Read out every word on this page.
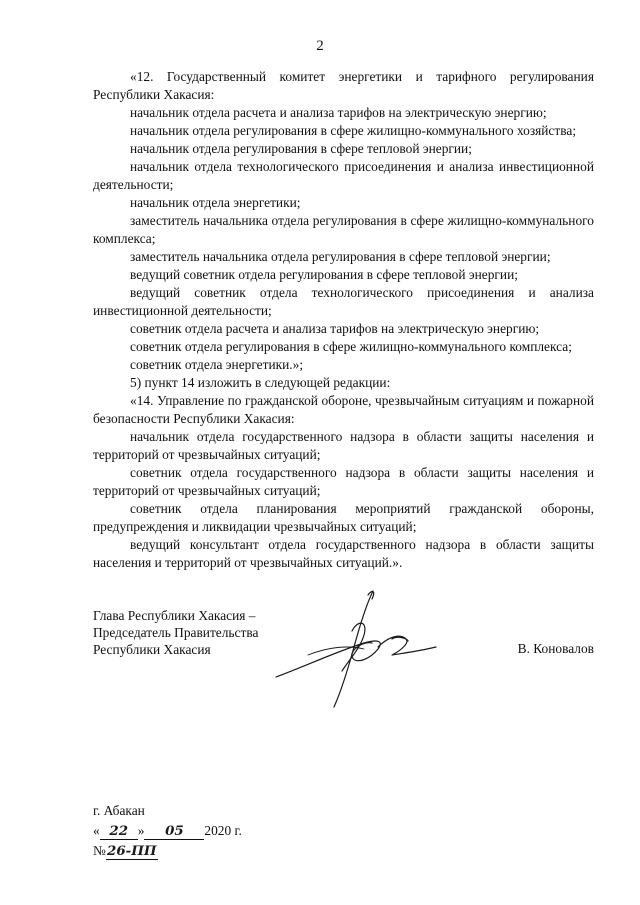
2

«12. Государственный комитет энергетики и тарифного регулирования Республики Хакасия:

начальник отдела расчета и анализа тарифов на электрическую энергию;

начальник отдела регулирования в сфере жилищно-коммунального хозяйства;

начальник отдела регулирования в сфере тепловой энергии;

начальник отдела технологического присоединения и анализа инвестиционной деятельности;

начальник отдела энергетики;

заместитель начальника отдела регулирования в сфере жилищно-коммунального комплекса;

заместитель начальника отдела регулирования в сфере тепловой энергии;

ведущий советник отдела регулирования в сфере тепловой энергии;

ведущий советник отдела технологического присоединения и анализа инвестиционной деятельности;

советник отдела расчета и анализа тарифов на электрическую энергию;

советник отдела регулирования в сфере жилищно-коммунального комплекса;

советник отдела энергетики.»;

5) пункт 14 изложить в следующей редакции:

«14. Управление по гражданской обороне, чрезвычайным ситуациям и пожарной безопасности Республики Хакасия:

начальник отдела государственного надзора в области защиты населения и территорий от чрезвычайных ситуаций;

советник отдела государственного надзора в области защиты населения и территорий от чрезвычайных ситуаций;

советник отдела планирования мероприятий гражданской обороны, предупреждения и ликвидации чрезвычайных ситуаций;

ведущий консультант отдела государственного надзора в области защиты населения и территорий от чрезвычайных ситуаций.».

Глава Республики Хакасия –
Председатель Правительства
Республики Хакасия	В. Коновалов
г. Абакан
« 22 » 05 2020 г.
№26-ПП
